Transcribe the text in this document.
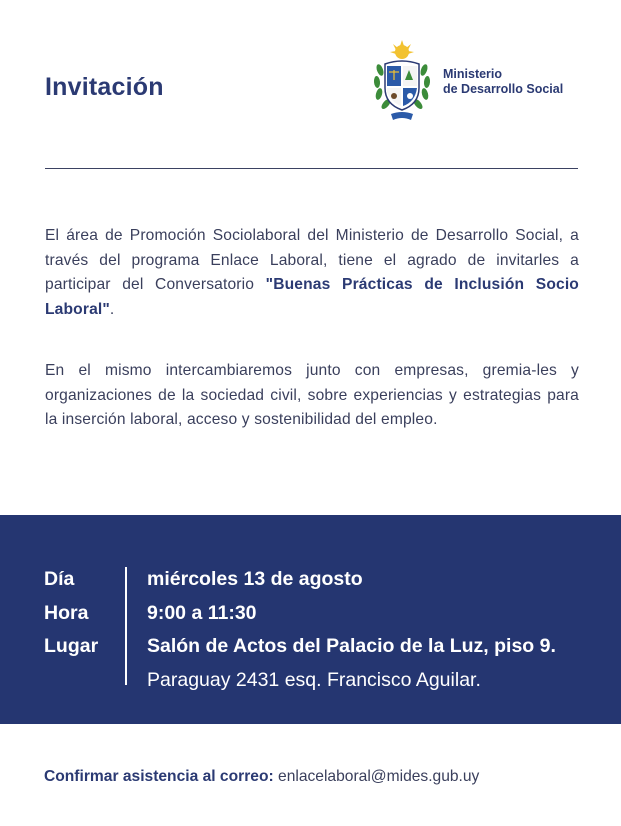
Invitación	Ministerio
de Desarrollo Social

El área de Promoción Sociolaboral del Ministerio de Desarrollo Social, a través del programa Enlace Laboral, tiene el agrado de invitarles a participar del Conversatorio "Buenas Prácticas de Inclusión Socio Laboral".

En el mismo intercambiaremos junto con empresas, gremia-les y organizaciones de la sociedad civil, sobre experiencias y estrategias para la inserción laboral, acceso y sostenibilidad del empleo.

Día
Hora
Lugar
miércoles 13 de agosto
9:00 a 11:30
Salón de Actos del Palacio de la Luz, piso 9.
Paraguay 2431 esq. Francisco Aguilar.
Confirmar asistencia al correo: enlacelaboral@mides.gub.uy
